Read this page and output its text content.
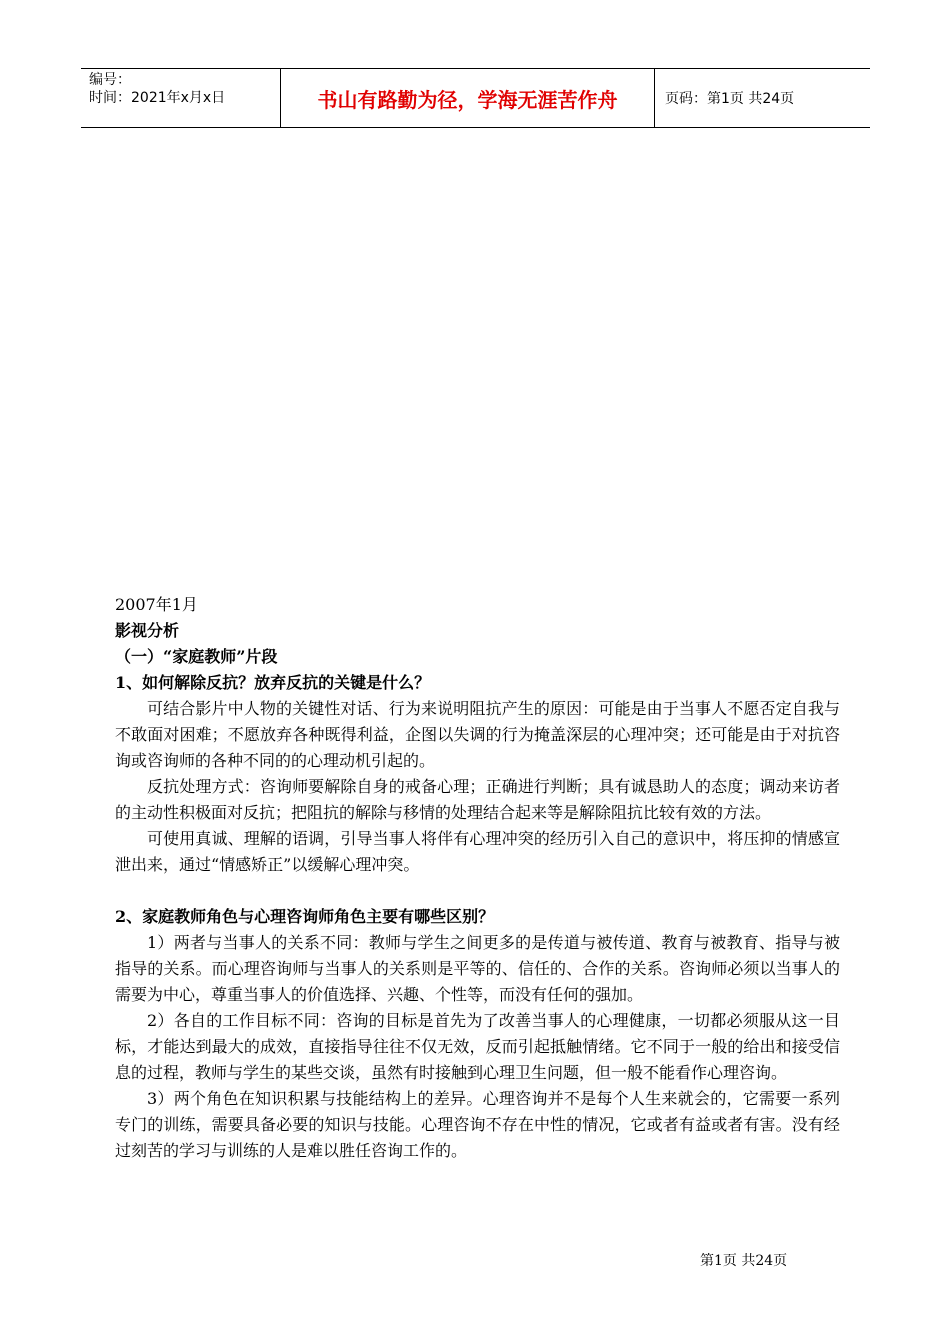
编号：
时间：2021年x月x日	书山有路勤为径，学海无涯苦作舟	页码：第1页 共24页

2007年1月

影视分析

（一）“家庭教师”片段

1、如何解除反抗？放弃反抗的关键是什么？

可结合影片中人物的关键性对话、行为来说明阻抗产生的原因：可能是由于当事人不愿否定自我与不敢面对困难；不愿放弃各种既得利益，企图以失调的行为掩盖深层的心理冲突；还可能是由于对抗咨询或咨询师的各种不同的的心理动机引起的。

反抗处理方式：咨询师要解除自身的戒备心理；正确进行判断；具有诚恳助人的态度；调动来访者的主动性积极面对反抗；把阻抗的解除与移情的处理结合起来等是解除阻抗比较有效的方法。

可使用真诚、理解的语调，引导当事人将伴有心理冲突的经历引入自己的意识中，将压抑的情感宣泄出来，通过“情感矫正”以缓解心理冲突。

2、家庭教师角色与心理咨询师角色主要有哪些区别？

1）两者与当事人的关系不同：教师与学生之间更多的是传道与被传道、教育与被教育、指导与被指导的关系。而心理咨询师与当事人的关系则是平等的、信任的、合作的关系。咨询师必须以当事人的需要为中心，尊重当事人的价值选择、兴趣、个性等，而没有任何的强加。

2）各自的工作目标不同：咨询的目标是首先为了改善当事人的心理健康，一切都必须服从这一目标，才能达到最大的成效，直接指导往往不仅无效，反而引起抵触情绪。它不同于一般的给出和接受信息的过程，教师与学生的某些交谈，虽然有时接触到心理卫生问题，但一般不能看作心理咨询。

3）两个角色在知识积累与技能结构上的差异。心理咨询并不是每个人生来就会的，它需要一系列专门的训练，需要具备必要的知识与技能。心理咨询不存在中性的情况，它或者有益或者有害。没有经过刻苦的学习与训练的人是难以胜任咨询工作的。

第1页 共24页
